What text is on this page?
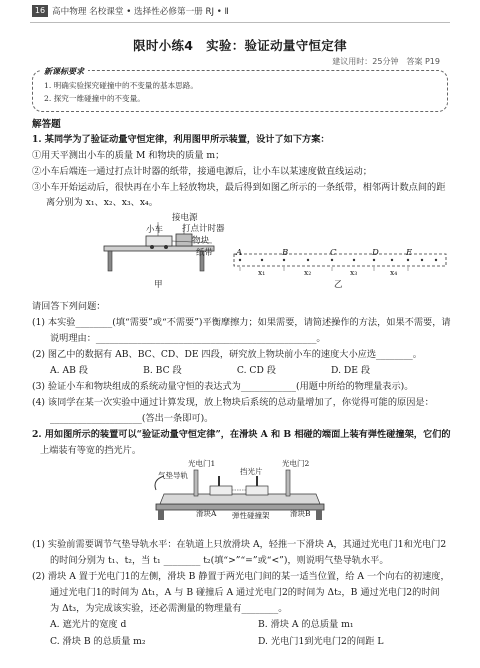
16 高中物理 名校课堂 • 选择性必修第一册 RJ • Ⅱ
限时小练4　实验：验证动量守恒定律
建议用时：25分钟　答案 P19
新课标要求
1. 明确实验探究碰撞中的不变量的基本思路。
2. 探究一维碰撞中的不变量。
解答题
1. 某同学为了验证动量守恒定律，利用图甲所示装置，设计了如下方案：
①用天平测出小车的质量 M 和物块的质量 m；
②小车后端连一通过打点计时器的纸带，接通电源后，让小车以某速度做直线运动；
③小车开始运动后，很快再在小车上轻放物块，最后得到如图乙所示的一条纸带，相邻两计数点间的距
离分别为 x₁、x₂、x₃、x₄。
接电源
小车 打点计时器
物块
纸带
甲
A	B	C	D	E
x₁	x₂	x₃	x₄
乙
请回答下列问题：
(1) 本实验________(填“需要”或“不需要”)平衡摩擦力；如果需要，请简述操作的方法，如果不需要，请
说明理由：________________________________________________。
(2) 图乙中的数据有 AB、BC、CD、DE 四段，研究放上物块前小车的速度大小应选________。
A. AB 段　　　　　　B. BC 段　　　　　　C. CD 段　　　　　　D. DE 段
(3) 验证小车和物块组成的系统动量守恒的表达式为____________(用题中所给的物理量表示)。
(4) 该同学在某一次实验中通过计算发现，放上物块后系统的总动量增加了，你觉得可能的原因是：
____________________(答出一条即可)。
2. 用如图所示的装置可以“验证动量守恒定律”，在滑块 A 和 B 相碰的端面上装有弹性碰撞架，它们的
上端装有等宽的挡光片。
光电门1	光电门2
气垫导轨	挡光片
滑块A 弹性碰撞架	滑块B
(1) 实验前需要调节气垫导轨水平：在轨道上只放滑块 A，轻推一下滑块 A，其通过光电门1和光电门2
的时间分别为 t₁、t₂，当 t₁ ________ t₂(填“>”“=”或“<”)，则说明气垫导轨水平。
(2) 滑块 A 置于光电门1的左侧，滑块 B 静置于两光电门间的某一适当位置，给 A 一个向右的初速度，
通过光电门1的时间为 Δt₁，A 与 B 碰撞后 A 通过光电门2的时间为 Δt₂，B 通过光电门2的时间
为 Δt₃，为完成该实验，还必需测量的物理量有________。
A. 遮光片的宽度 d	B. 滑块 A 的总质量 m₁
C. 滑块 B 的总质量 m₂	D. 光电门1到光电门2的间距 L
